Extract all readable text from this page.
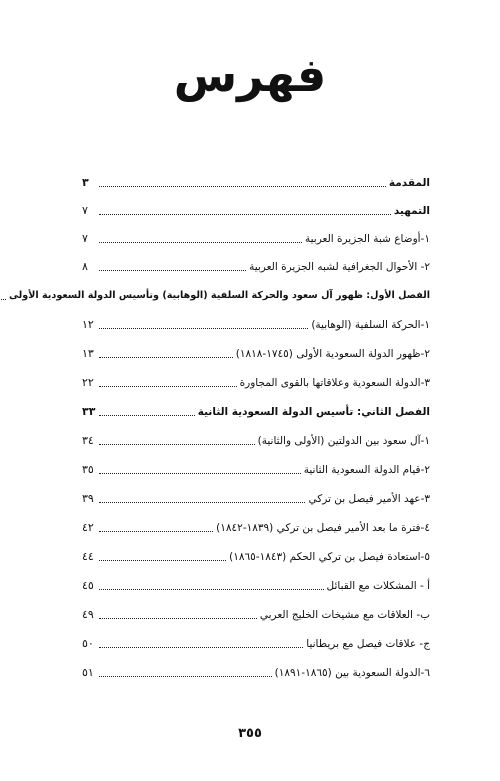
فهرس
المقدمة
٣
التمهيد
٧
١-أوضاع شبة الجزيرة العربية
٧
٢- الأحوال الجغرافية لشبه الجزيرة العربية
٨
الفصل الأول: ظهور آل سعود والحركة السلفية (الوهابية) وتأسيس الدولة السعودية الأولى
١-الحركة السلفية (الوهابية)
١٢
٢-ظهور الدولة السعودية الأولى (١٧٤٥-١٨١٨)
١٣
٣-الدولة السعودية وعلاقاتها بالقوى المجاورة
٢٢
الفصل الثاني: تأسيس الدولة السعودية الثانية
٣٣
١-آل سعود بين الدولتين (الأولى والثانية)
٣٤
٢-قيام الدولة السعودية الثانية
٣٥
٣-عهد الأمير فيصل بن تركي
٣٩
٤-فترة ما بعد الأمير فيصل بن تركي (١٨٣٩-١٨٤٢)
٤٢
٥-استعادة فيصل بن تركي الحكم (١٨٤٣-١٨٦٥)
٤٤
أ - المشكلات مع القبائل
٤٥
ب- العلاقات مع مشيخات الخليج العربي
٤٩
ج- علاقات فيصل مع بريطانيا
٥٠
٦-الدولة السعودية بين (١٨٦٥-١٨٩١)
٥١
٣٥٥
